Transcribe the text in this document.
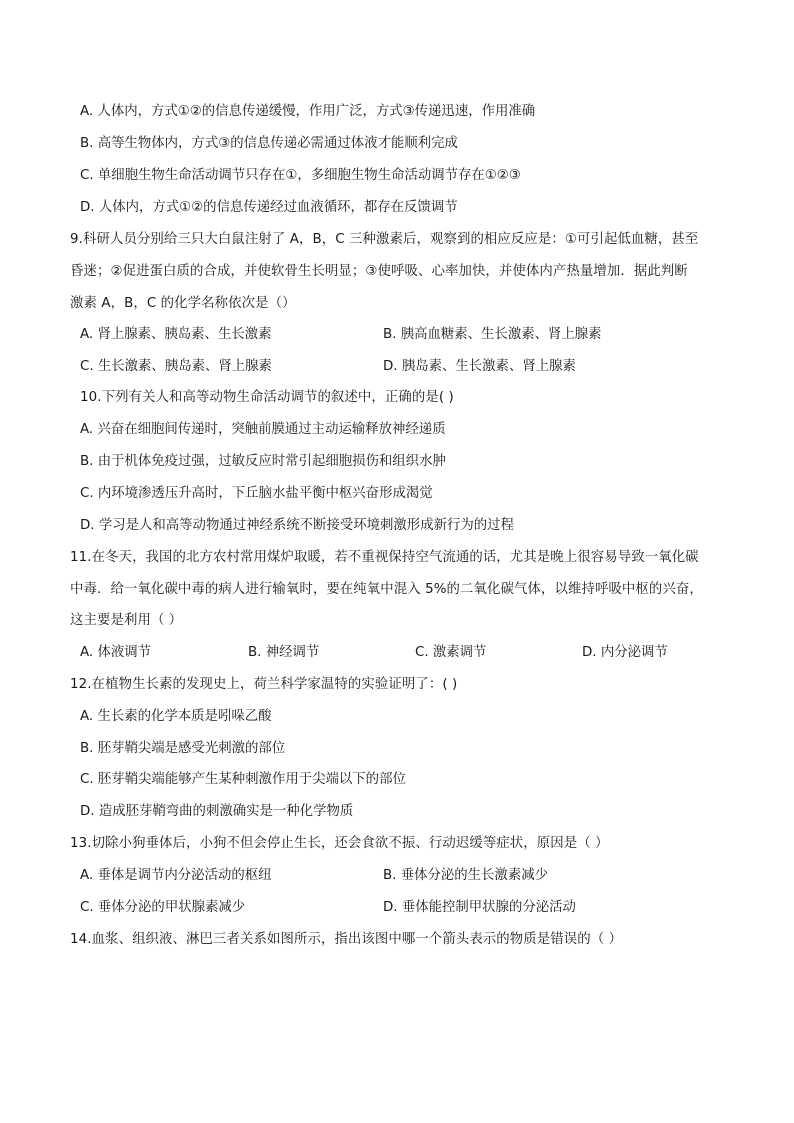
A. 人体内，方式①②的信息传递缓慢，作用广泛，方式③传递迅速，作用准确
B. 高等生物体内，方式③的信息传递必需通过体液才能顺利完成
C. 单细胞生物生命活动调节只存在①，多细胞生物生命活动调节存在①②③
D. 人体内，方式①②的信息传递经过血液循环，都存在反馈调节
9.科研人员分别给三只大白鼠注射了 A，B，C 三种激素后，观察到的相应反应是：①可引起低血糖，甚至
昏迷；②促进蛋白质的合成，并使软骨生长明显；③使呼吸、心率加快，并使体内产热量增加．据此判断
激素 A，B，C 的化学名称依次是（）
A. 肾上腺素、胰岛素、生长激素	B. 胰高血糖素、生长激素、肾上腺素
C. 生长激素、胰岛素、肾上腺素	D. 胰岛素、生长激素、肾上腺素
10.下列有关人和高等动物生命活动调节的叙述中，正确的是( )
A. 兴奋在细胞间传递时，突触前膜通过主动运输释放神经递质
B. 由于机体免疫过强，过敏反应时常引起细胞损伤和组织水肿
C. 内环境渗透压升高时，下丘脑水盐平衡中枢兴奋形成渴觉
D. 学习是人和高等动物通过神经系统不断接受环境刺激形成新行为的过程
11.在冬天，我国的北方农村常用煤炉取暖，若不重视保持空气流通的话，尤其是晚上很容易导致一氧化碳
中毒．给一氧化碳中毒的病人进行输氧时，要在纯氧中混入 5%的二氧化碳气体，以维持呼吸中枢的兴奋，
这主要是利用（ ）
A. 体液调节	B. 神经调节	C. 激素调节	D. 内分泌调节
12.在植物生长素的发现史上，荷兰科学家温特的实验证明了：( )
A. 生长素的化学本质是吲哚乙酸
B. 胚芽鞘尖端是感受光刺激的部位
C. 胚芽鞘尖端能够产生某种刺激作用于尖端以下的部位
D. 造成胚芽鞘弯曲的刺激确实是一种化学物质
13.切除小狗垂体后，小狗不但会停止生长，还会食欲不振、行动迟缓等症状，原因是（ ）
A. 垂体是调节内分泌活动的枢纽	B. 垂体分泌的生长激素减少
C. 垂体分泌的甲状腺素减少	D. 垂体能控制甲状腺的分泌活动
14.血浆、组织液、淋巴三者关系如图所示，指出该图中哪一个箭头表示的物质是错误的（ ）
